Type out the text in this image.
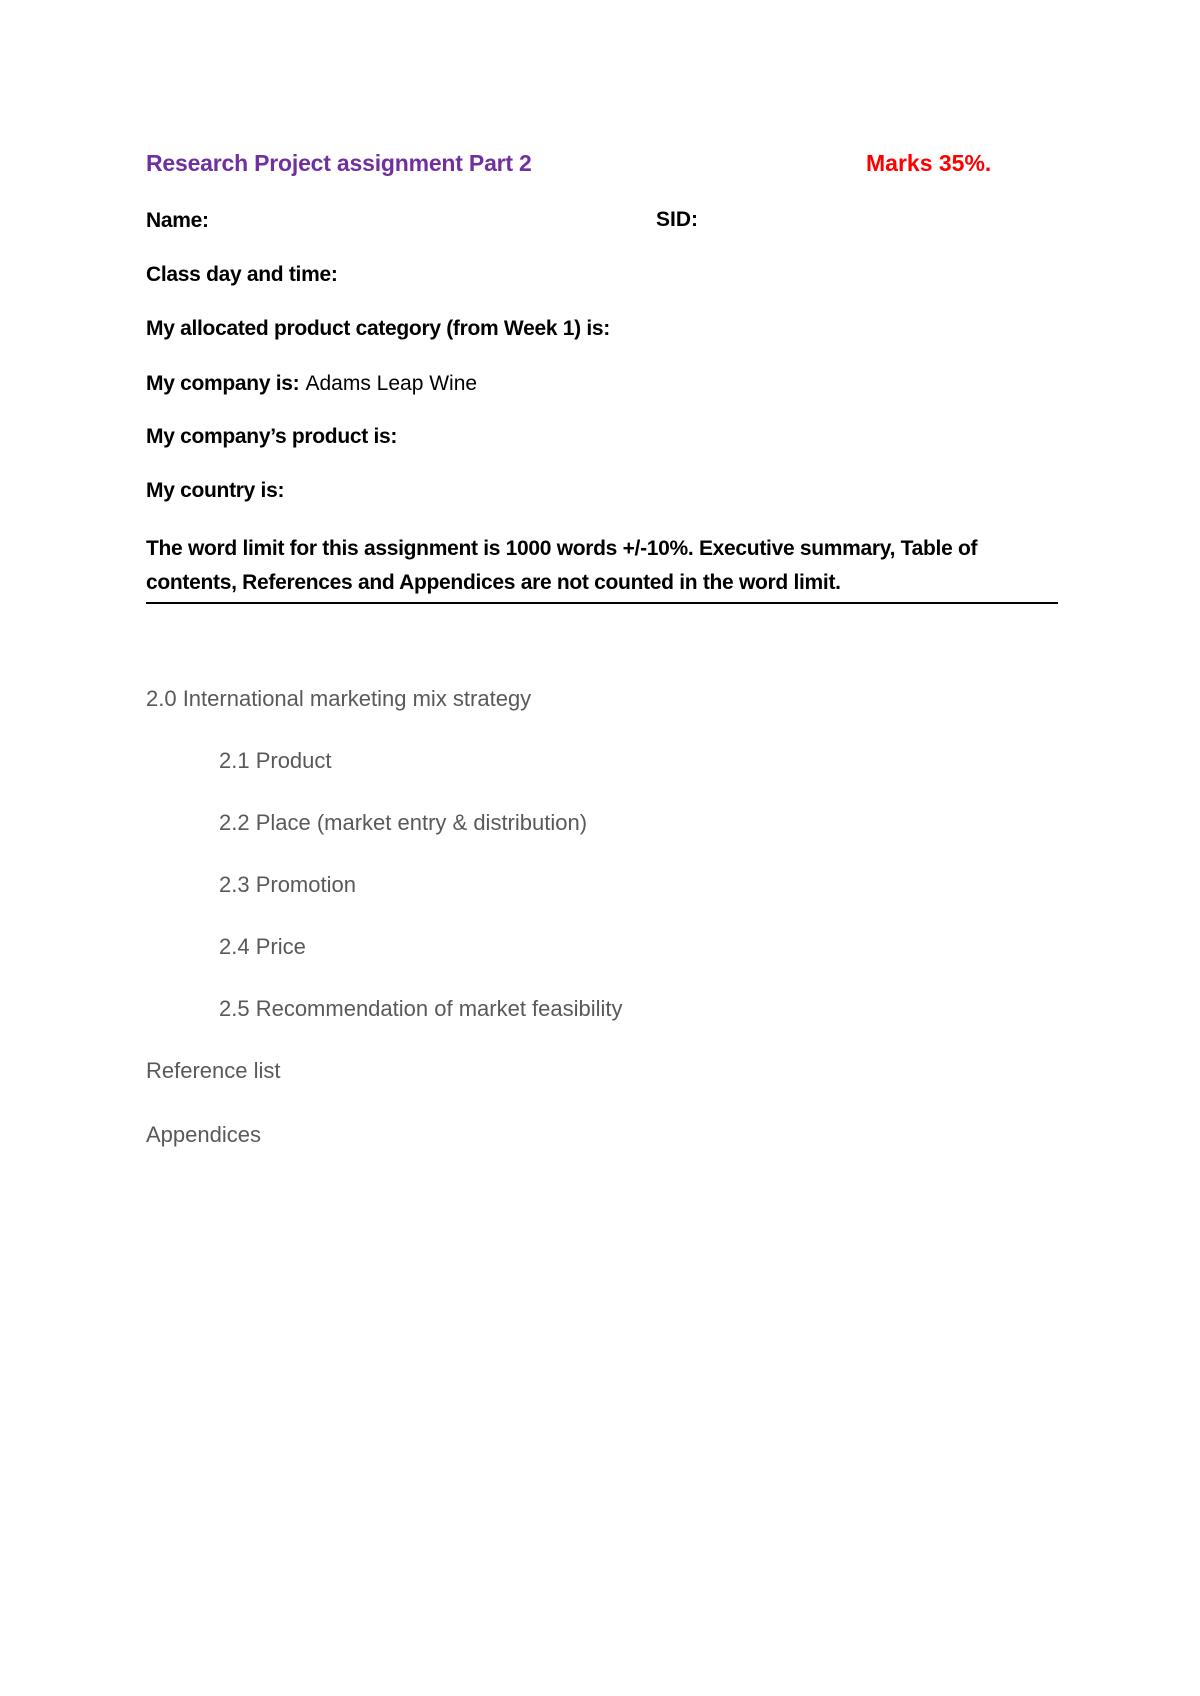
Research Project assignment Part 2	Marks 35%.
Name:	SID:
Class day and time:
My allocated product category (from Week 1) is:
My company is: Adams Leap Wine
My company’s product is:
My country is:
The word limit for this assignment is 1000 words +/-10%. Executive summary, Table of contents, References and Appendices are not counted in the word limit.
2.0 International marketing mix strategy
2.1 Product
2.2 Place (market entry & distribution)
2.3 Promotion
2.4 Price
2.5 Recommendation of market feasibility
Reference list
Appendices
